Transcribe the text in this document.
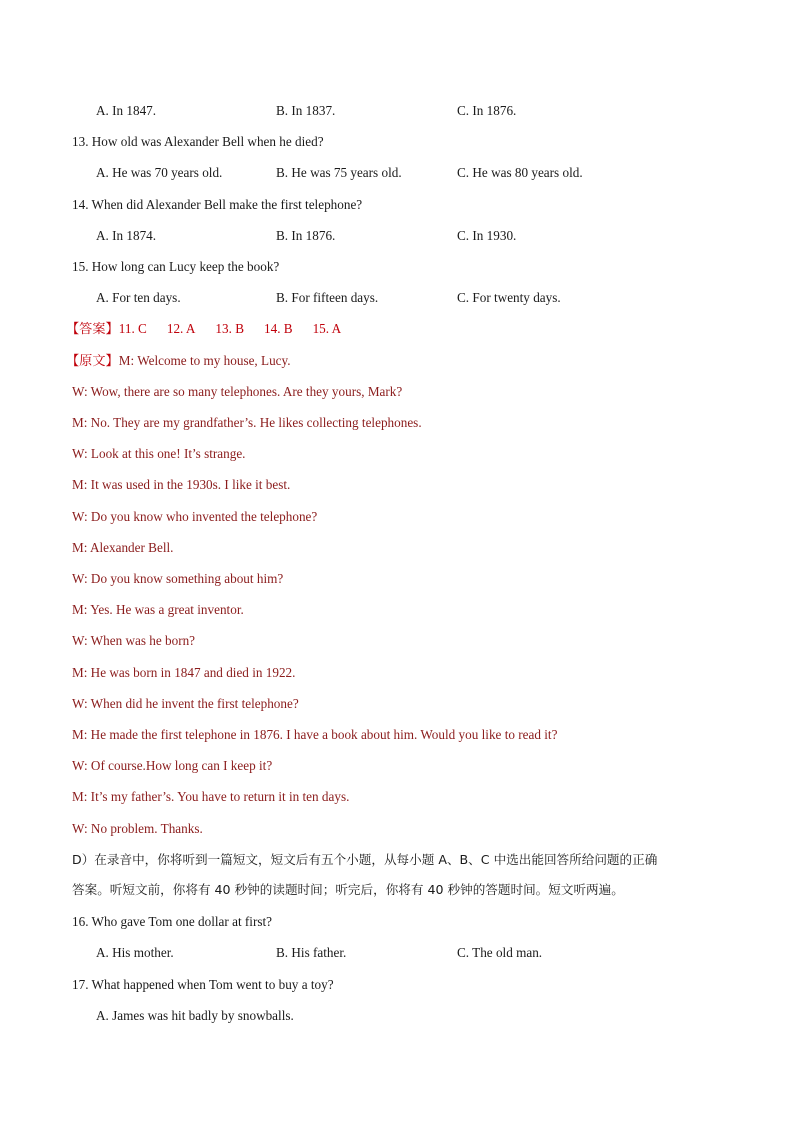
A. In 1847.	B. In 1837.	C. In 1876.
13. How old was Alexander Bell when he died?
A. He was 70 years old.	B. He was 75 years old.	C. He was 80 years old.
14. When did Alexander Bell make the first telephone?
A. In 1874.	B. In 1876.	C. In 1930.
15. How long can Lucy keep the book?
A. For ten days.	B. For fifteen days.	C. For twenty days.
【答案】11. C 12. A 13. B 14. B 15. A
【原文】M: Welcome to my house, Lucy.
W: Wow, there are so many telephones. Are they yours, Mark?
M: No. They are my grandfather’s. He likes collecting telephones.
W: Look at this one! It’s strange.
M: It was used in the 1930s. I like it best.
W: Do you know who invented the telephone?
M: Alexander Bell.
W: Do you know something about him?
M: Yes. He was a great inventor.
W: When was he born?
M: He was born in 1847 and died in 1922.
W: When did he invent the first telephone?
M: He made the first telephone in 1876. I have a book about him. Would you like to read it?
W: Of course.How long can I keep it?
M: It’s my father’s. You have to return it in ten days.
W: No problem. Thanks.
D）在录音中，你将听到一篇短文，短文后有五个小题，从每小题 A、B、C 中选出能回答所给问题的正确
答案。听短文前，你将有 40 秒钟的读题时间；听完后，你将有 40 秒钟的答题时间。短文听两遍。
16. Who gave Tom one dollar at first?
A. His mother.	B. His father.	C. The old man.
17. What happened when Tom went to buy a toy?
A. James was hit badly by snowballs.
